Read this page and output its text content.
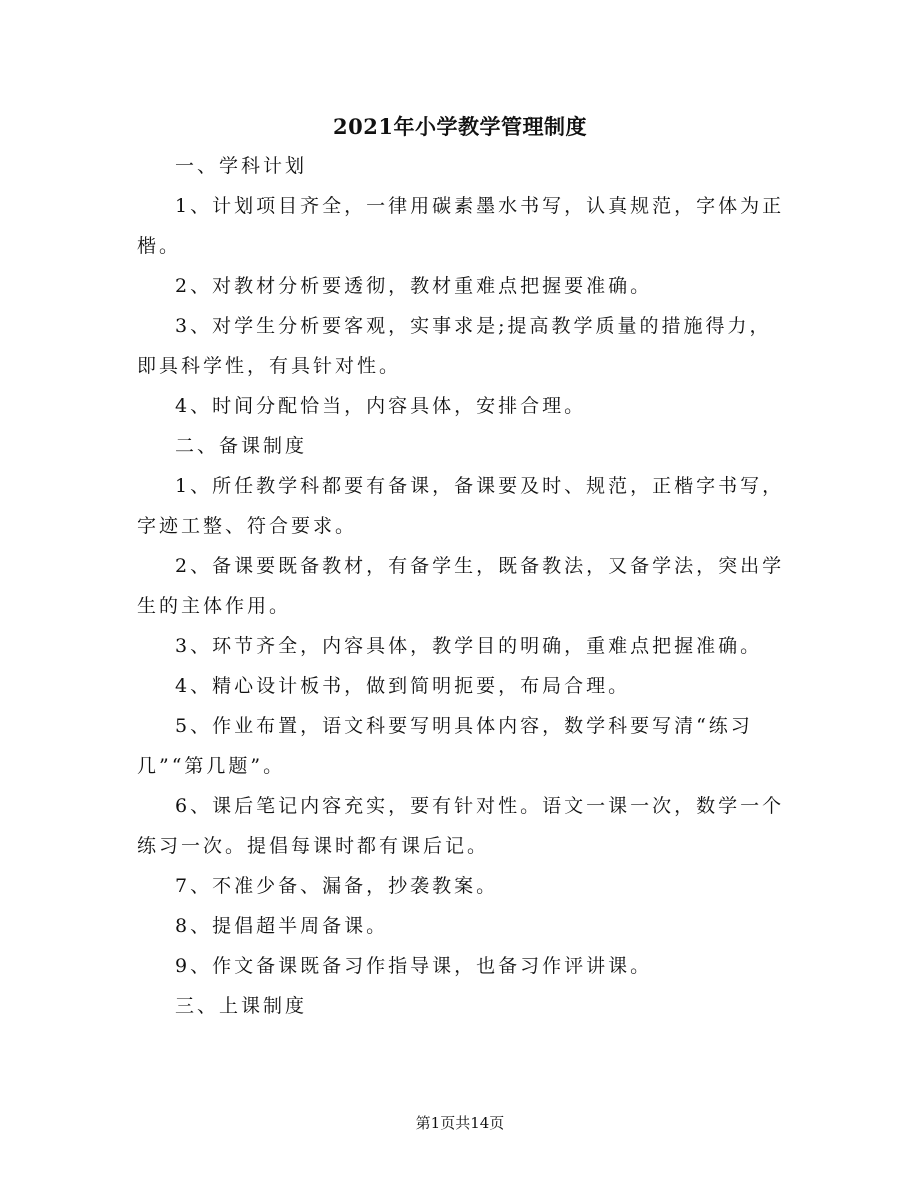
2021年小学教学管理制度

一、学科计划

1、计划项目齐全，一律用碳素墨水书写，认真规范，字体为正楷。

2、对教材分析要透彻，教材重难点把握要准确。

3、对学生分析要客观，实事求是;提高教学质量的措施得力，即具科学性，有具针对性。

4、时间分配恰当，内容具体，安排合理。

二、备课制度

1、所任教学科都要有备课，备课要及时、规范，正楷字书写，字迹工整、符合要求。

2、备课要既备教材，有备学生，既备教法，又备学法，突出学生的主体作用。

3、环节齐全，内容具体，教学目的明确，重难点把握准确。

4、精心设计板书，做到简明扼要，布局合理。

5、作业布置，语文科要写明具体内容，数学科要写清“练习几”“第几题”。

6、课后笔记内容充实，要有针对性。语文一课一次，数学一个练习一次。提倡每课时都有课后记。

7、不准少备、漏备，抄袭教案。

8、提倡超半周备课。

9、作文备课既备习作指导课，也备习作评讲课。

三、上课制度

第1页共14页
